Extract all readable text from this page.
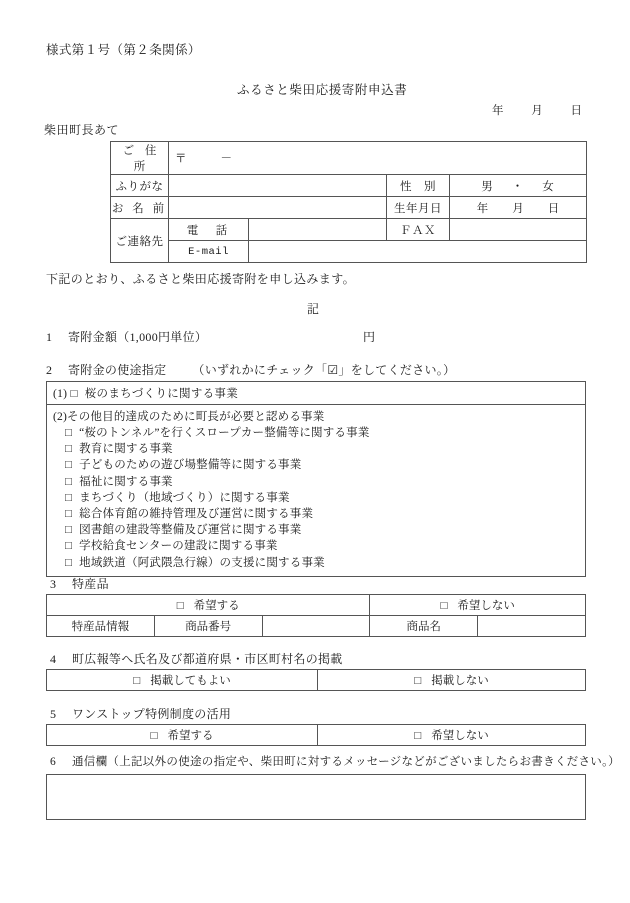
様式第１号（第２条関係）
ふるさと柴田応援寄附申込書
年 月 日
柴田町長あて
ご 住 所	〒 －			
ふりがな			性　別	男 ・ 女
お 名 前			生年月日	年 月 日
ご連絡先	電　話		ＦＡＸ	
	E-mail			
下記のとおり、ふるさと柴田応援寄附を申し込みます。
記
1 寄附金額（1,000円単位）	円
2 寄附金の使途指定 （いずれかにチェック「☑」をしてください。）
(1) □ 桜のまちづくりに関する事業
(2)その他目的達成のために町長が必要と認める事業
□ “桜のトンネル”を行くスロープカー整備等に関する事業
□ 教育に関する事業
□ 子どものための遊び場整備等に関する事業
□ 福祉に関する事業
□ まちづくり（地域づくり）に関する事業
□ 総合体育館の維持管理及び運営に関する事業
□ 図書館の建設等整備及び運営に関する事業
□ 学校給食センターの建設に関する事業
□ 地域鉄道（阿武隈急行線）の支援に関する事業
3 特産品
□ 希望する			□ 希望しない	
特産品情報	商品番号		商品名	
4 町広報等へ氏名及び都道府県・市区町村名の掲載
□ 掲載してもよい	□ 掲載しない
5 ワンストップ特例制度の活用
□ 希望する	□ 希望しない
6 通信欄（上記以外の使途の指定や、柴田町に対するメッセージなどがございましたらお書きください。）
